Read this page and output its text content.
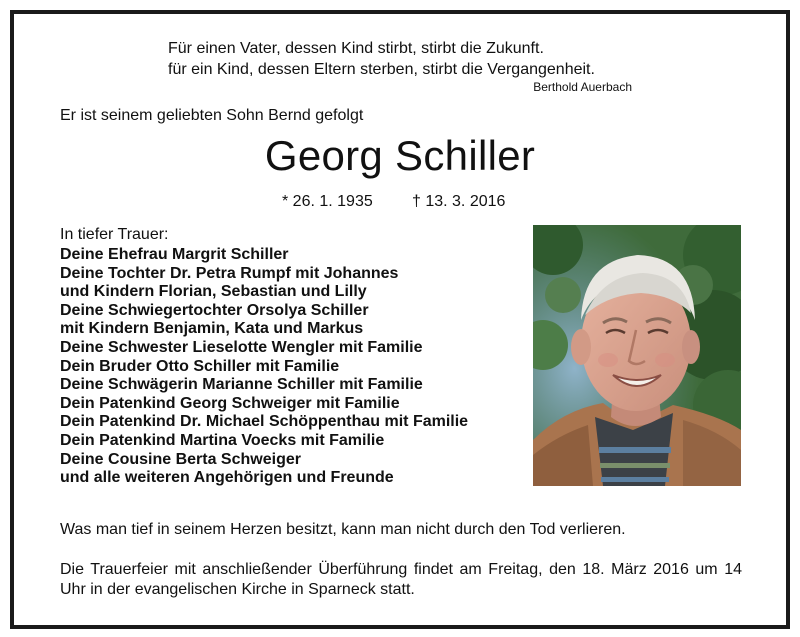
Für einen Vater, dessen Kind stirbt, stirbt die Zukunft.
für ein Kind, dessen Eltern sterben, stirbt die Vergangenheit.
Berthold Auerbach
Er ist seinem geliebten Sohn Bernd gefolgt
Georg Schiller
* 26. 1. 1935 † 13. 3. 2016
In tiefer Trauer:
Deine Ehefrau Margrit Schiller
Deine Tochter Dr. Petra Rumpf mit Johannes
und Kindern Florian, Sebastian und Lilly
Deine Schwiegertochter Orsolya Schiller
mit Kindern Benjamin, Kata und Markus
Deine Schwester Lieselotte Wengler mit Familie
Dein Bruder Otto Schiller mit Familie
Deine Schwägerin Marianne Schiller mit Familie
Dein Patenkind Georg Schweiger mit Familie
Dein Patenkind Dr. Michael Schöppenthau mit Familie
Dein Patenkind Martina Voecks mit Familie
Deine Cousine Berta Schweiger
und alle weiteren Angehörigen und Freunde
Was man tief in seinem Herzen besitzt, kann man nicht durch den Tod verlieren.
Die Trauerfeier mit anschließender Überführung findet am Freitag, den 18. März 2016 um 14 Uhr in der evangelischen Kirche in Sparneck statt.
